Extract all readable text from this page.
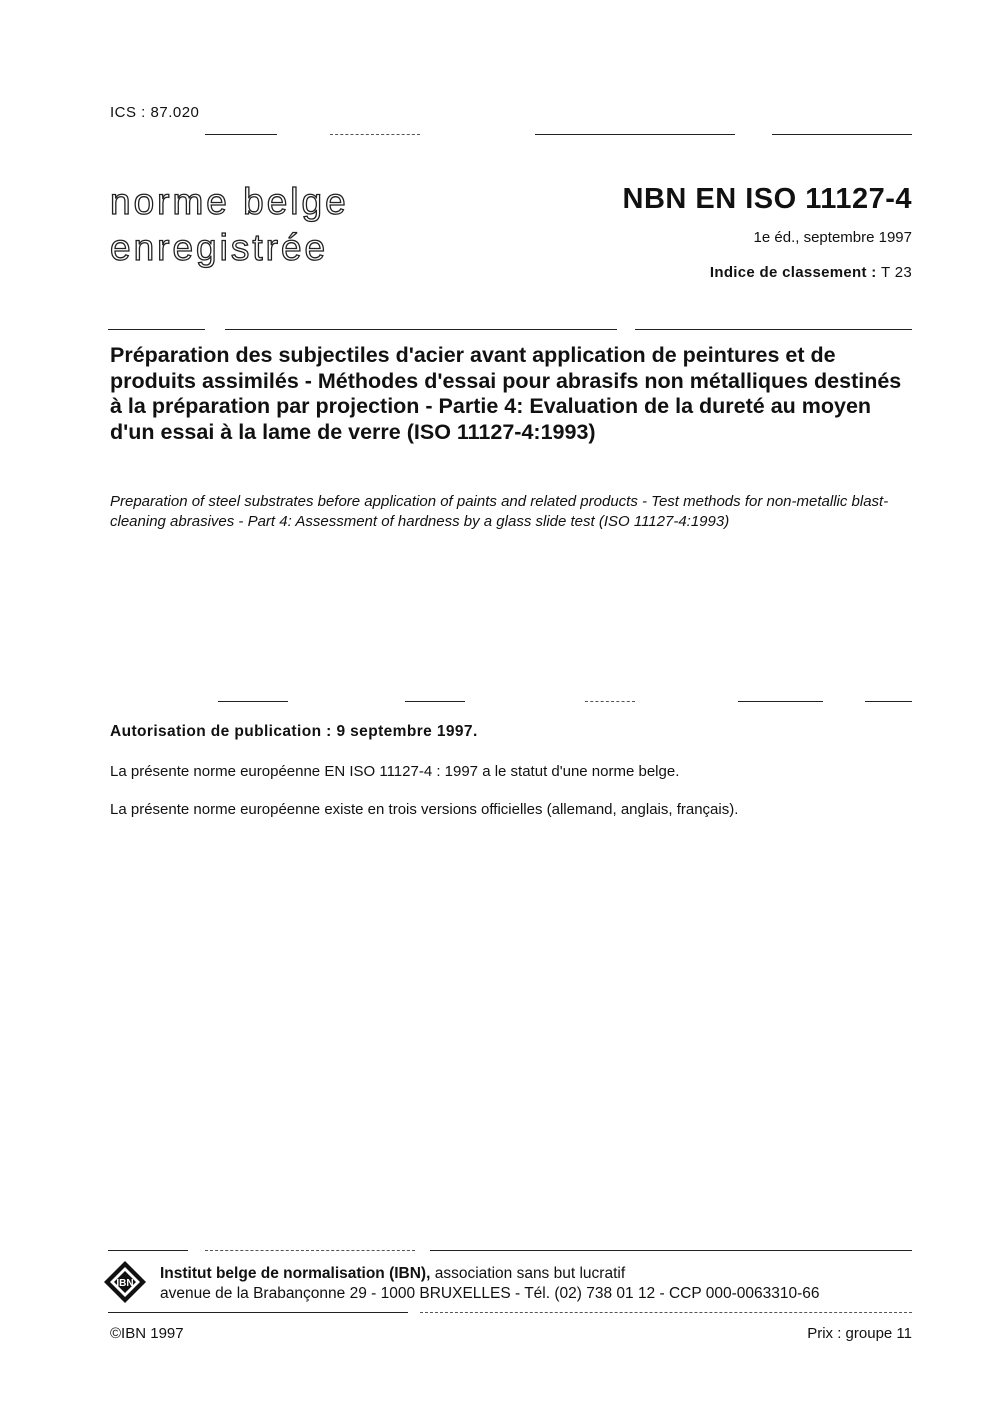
ICS : 87.020
norme belge
enregistrée
NBN EN ISO 11127-4
1e éd., septembre 1997
Indice de classement : T 23

Préparation des subjectiles d'acier avant application de peintures et de produits assimilés - Méthodes d'essai pour abrasifs non métalliques destinés à la préparation par projection - Partie 4: Evaluation de la dureté au moyen d'un essai à la lame de verre (ISO 11127-4:1993)

Preparation of steel substrates before application of paints and related products - Test methods for non-metallic blast-cleaning abrasives - Part 4: Assessment of hardness by a glass slide test (ISO 11127-4:1993)

Autorisation de publication : 9 septembre 1997.
La présente norme européenne EN ISO 11127-4 : 1997 a le statut d'une norme belge.
La présente norme européenne existe en trois versions officielles (allemand, anglais, français).
IBN
Institut belge de normalisation (IBN), association sans but lucratif
avenue de la Brabançonne 29 - 1000 BRUXELLES - Tél. (02) 738 01 12 - CCP 000-0063310-66
©IBN 1997	Prix : groupe 11
